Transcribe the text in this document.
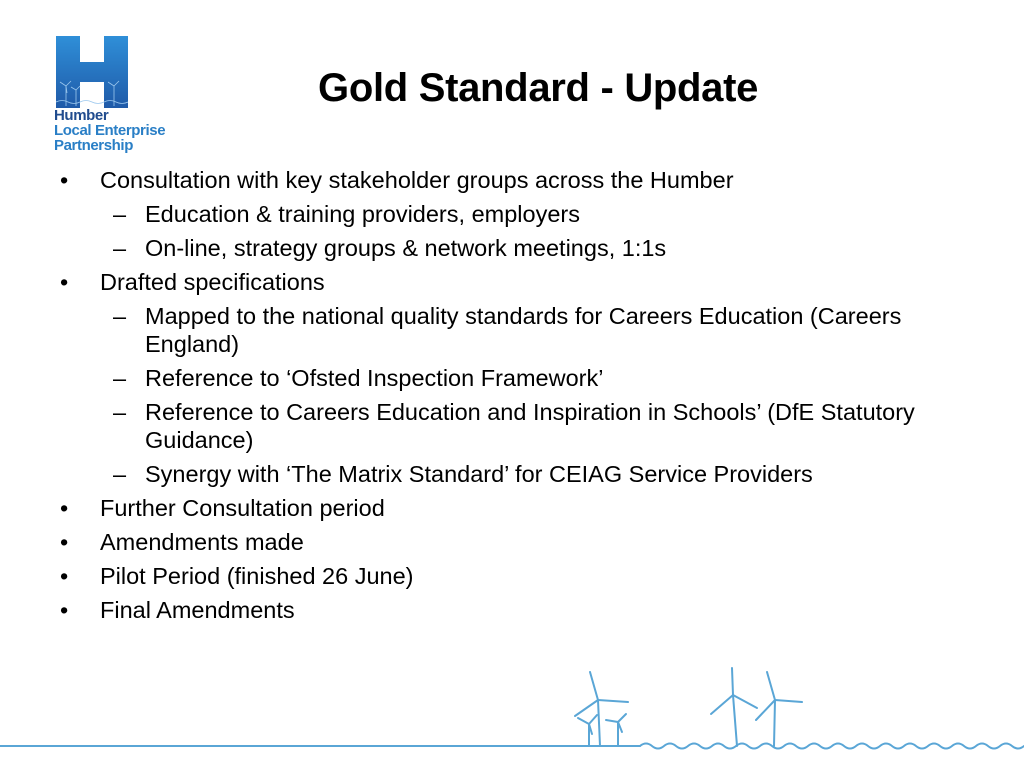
Humber
Local Enterprise
Partnership
Gold Standard - Update
•	Consultation with key stakeholder groups across the Humber
– Education & training providers, employers
– On-line, strategy groups & network meetings, 1:1s
•	Drafted specifications
– Mapped to the national quality standards for Careers Education (Careers England)
– Reference to ‘Ofsted Inspection Framework’
– Reference to Careers Education and Inspiration in Schools’ (DfE Statutory Guidance)
– Synergy with ‘The Matrix Standard’ for CEIAG Service Providers
•	Further Consultation period
•	Amendments made
•	Pilot Period (finished 26 June)
•	Final Amendments
